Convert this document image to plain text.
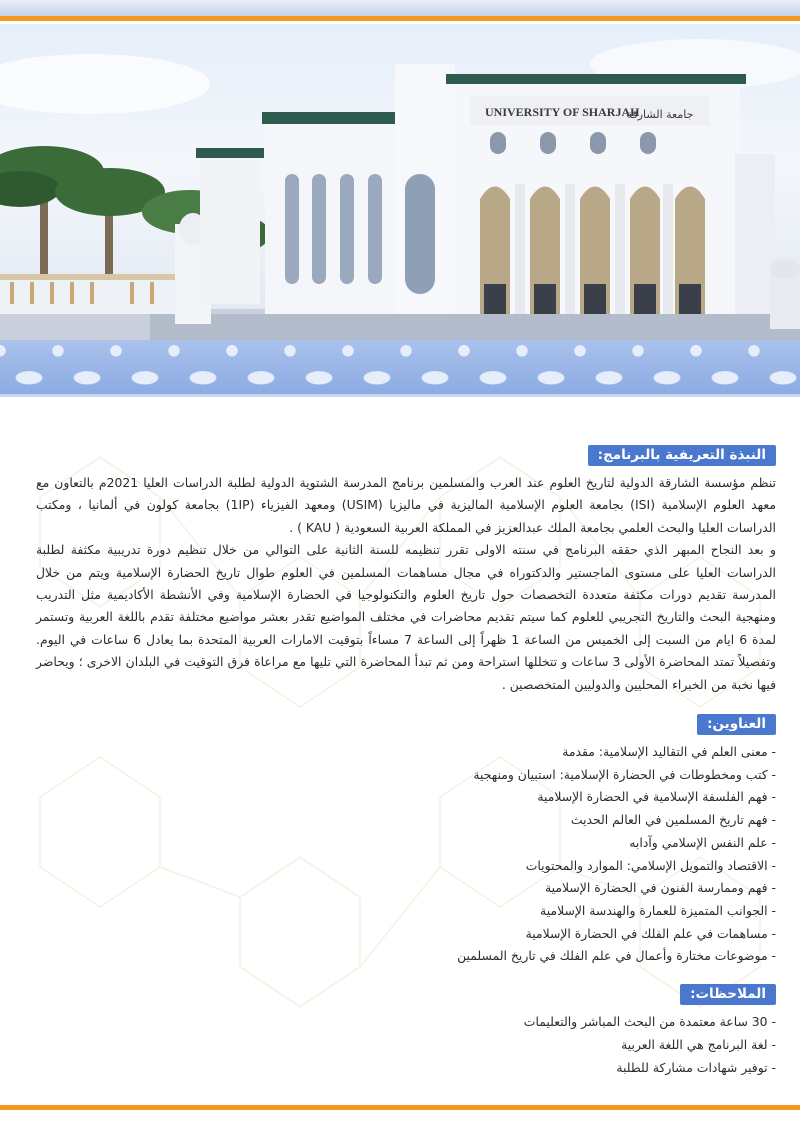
UNIVERSITY OF SHARJAH
جامعة الشارقة
النبذة التعريفية بالبرنامج:

تنظم مؤسسة الشارقة الدولية لتاريخ العلوم عند العرب والمسلمين برنامج المدرسة الشتوية الدولية لطلبة الدراسات العليا 2021م بالتعاون مع معهد العلوم الإسلامية (ISI) بجامعة العلوم الإسلامية الماليزية في ماليزيا (USIM) ومعهد الفيزياء (1IP) بجامعة كولون في ألمانيا ، ومكتب الدراسات العليا والبحث العلمي بجامعة الملك عبدالعزيز في المملكة العربية السعودية ( KAU ) .

و بعد النجاح المبهر الذي حققه البرنامج في سنته الاولى تقرر تنظيمه للسنة الثانية على التوالي من خلال تنظيم دورة تدريبية مكثفة لطلبة الدراسات العليا على مستوى الماجستير والدكتوراه في مجال مساهمات المسلمين في العلوم طوال تاريخ الحضارة الإسلامية ويتم من خلال المدرسة تقديم دورات مكثفة متعددة التخصصات حول تاريخ العلوم والتكنولوجيا في الحضارة الإسلامية وفي الأنشطة الأكاديمية مثل التدريب ومنهجية البحث والتاريخ التجريبي للعلوم كما سيتم تقديم محاضرات في مختلف المواضيع تقدر بعشر مواضيع مختلفة تقدم باللغة العربية وتستمر لمدة 6 ايام من السبت إلى الخميس من الساعة 1 ظهراً إلى الساعة 7 مساءاً بتوقيت الامارات العربية المتحدة بما يعادل 6 ساعات في اليوم. وتفصيلاً تمتد المحاضرة الأولى 3 ساعات و تتخللها استراحة ومن ثم تبدأ المحاضرة التي تليها مع مراعاة فرق التوقيت في البلدان الاخرى ؛ ويحاضر فيها نخبة من الخبراء المحليين والدوليين المتخصصين .

العناوين:
- معنى العلم في التقاليد الإسلامية: مقدمة
- كتب ومخطوطات في الحضارة الإسلامية: استبيان ومنهجية
- فهم الفلسفة الإسلامية في الحضارة الإسلامية
- فهم تاريخ المسلمين في العالم الحديث
- علم النفس الإسلامي وآدابه
- الاقتصاد والتمويل الإسلامي: الموارد والمحتويات
- فهم وممارسة الفنون في الحضارة الإسلامية
- الجوانب المتميزة للعمارة والهندسة الإسلامية
- مساهمات في علم الفلك في الحضارة الإسلامية
- موضوعات مختارة وأعمال في علم الفلك في تاريخ المسلمين
الملاحظات:
- 30 ساعة معتمدة من البحث المباشر والتعليمات
- لغة البرنامج هي اللغة العربية
- توفير شهادات مشاركة للطلبة
